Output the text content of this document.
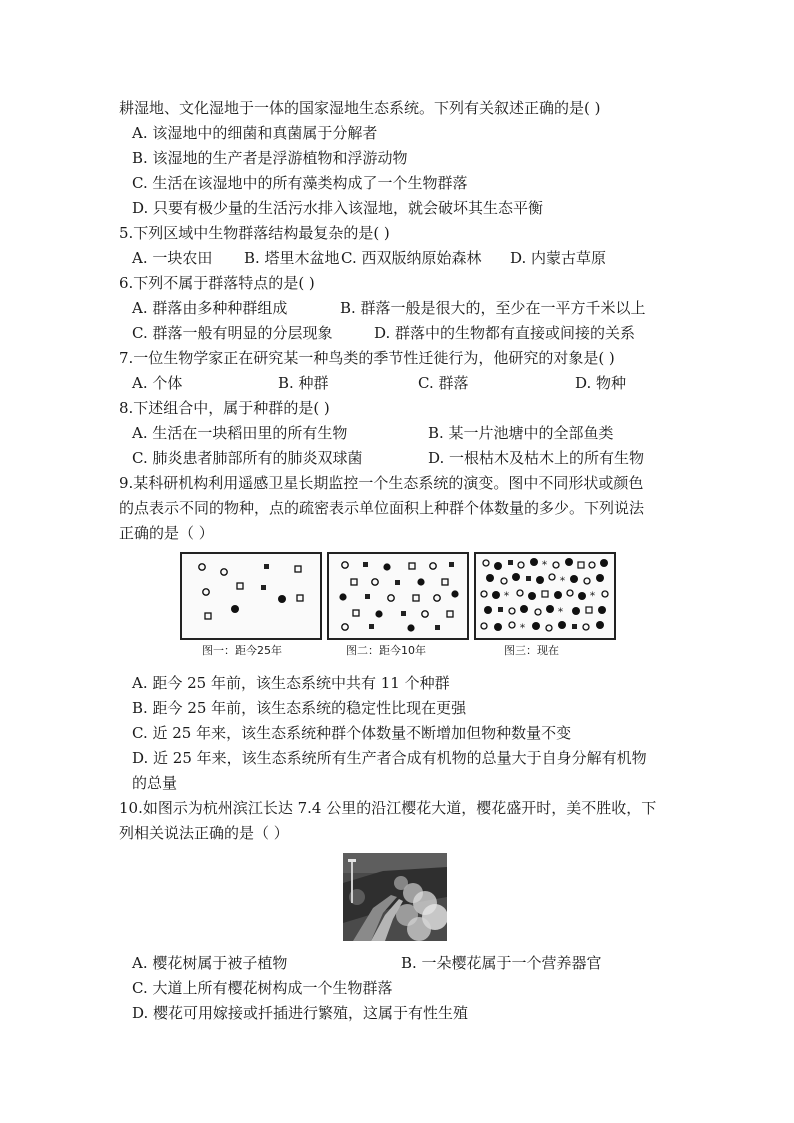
耕湿地、文化湿地于一体的国家湿地生态系统。下列有关叙述正确的是( )
A. 该湿地中的细菌和真菌属于分解者
B. 该湿地的生产者是浮游植物和浮游动物
C. 生活在该湿地中的所有藻类构成了一个生物群落
D. 只要有极少量的生活污水排入该湿地，就会破坏其生态平衡
5.下列区域中生物群落结构最复杂的是( )
A. 一块农田 B. 塔里木盆地 C. 西双版纳原始森林 D. 内蒙古草原
6.下列不属于群落特点的是( )
A. 群落由多种种群组成	B. 群落一般是很大的，至少在一平方千米以上
C. 群落一般有明显的分层现象	D. 群落中的生物都有直接或间接的关系
7.一位生物学家正在研究某一种鸟类的季节性迁徙行为，他研究的对象是( )
A. 个体	B. 种群	C. 群落	D. 物种
8.下述组合中，属于种群的是( )
A. 生活在一块稻田里的所有生物	B. 某一片池塘中的全部鱼类
C. 肺炎患者肺部所有的肺炎双球菌	D. 一根枯木及枯木上的所有生物
9.某科研机构利用遥感卫星长期监控一个生态系统的演变。图中不同形状或颜色
的点表示不同的物种，点的疏密表示单位面积上种群个体数量的多少。下列说法
正确的是（ ）
*
*
*	*
*
*
图一：距今25年	图二：距今10年	图三：现在
A. 距今 25 年前，该生态系统中共有 11 个种群
B. 距今 25 年前，该生态系统的稳定性比现在更强
C. 近 25 年来，该生态系统种群个体数量不断增加但物种数量不变
D. 近 25 年来，该生态系统所有生产者合成有机物的总量大于自身分解有机物
的总量
10.如图示为杭州滨江长达 7.4 公里的沿江樱花大道，樱花盛开时，美不胜收，下
列相关说法正确的是（ ）
A. 樱花树属于被子植物	B. 一朵樱花属于一个营养器官
C. 大道上所有樱花树构成一个生物群落
D. 樱花可用嫁接或扦插进行繁殖，这属于有性生殖
